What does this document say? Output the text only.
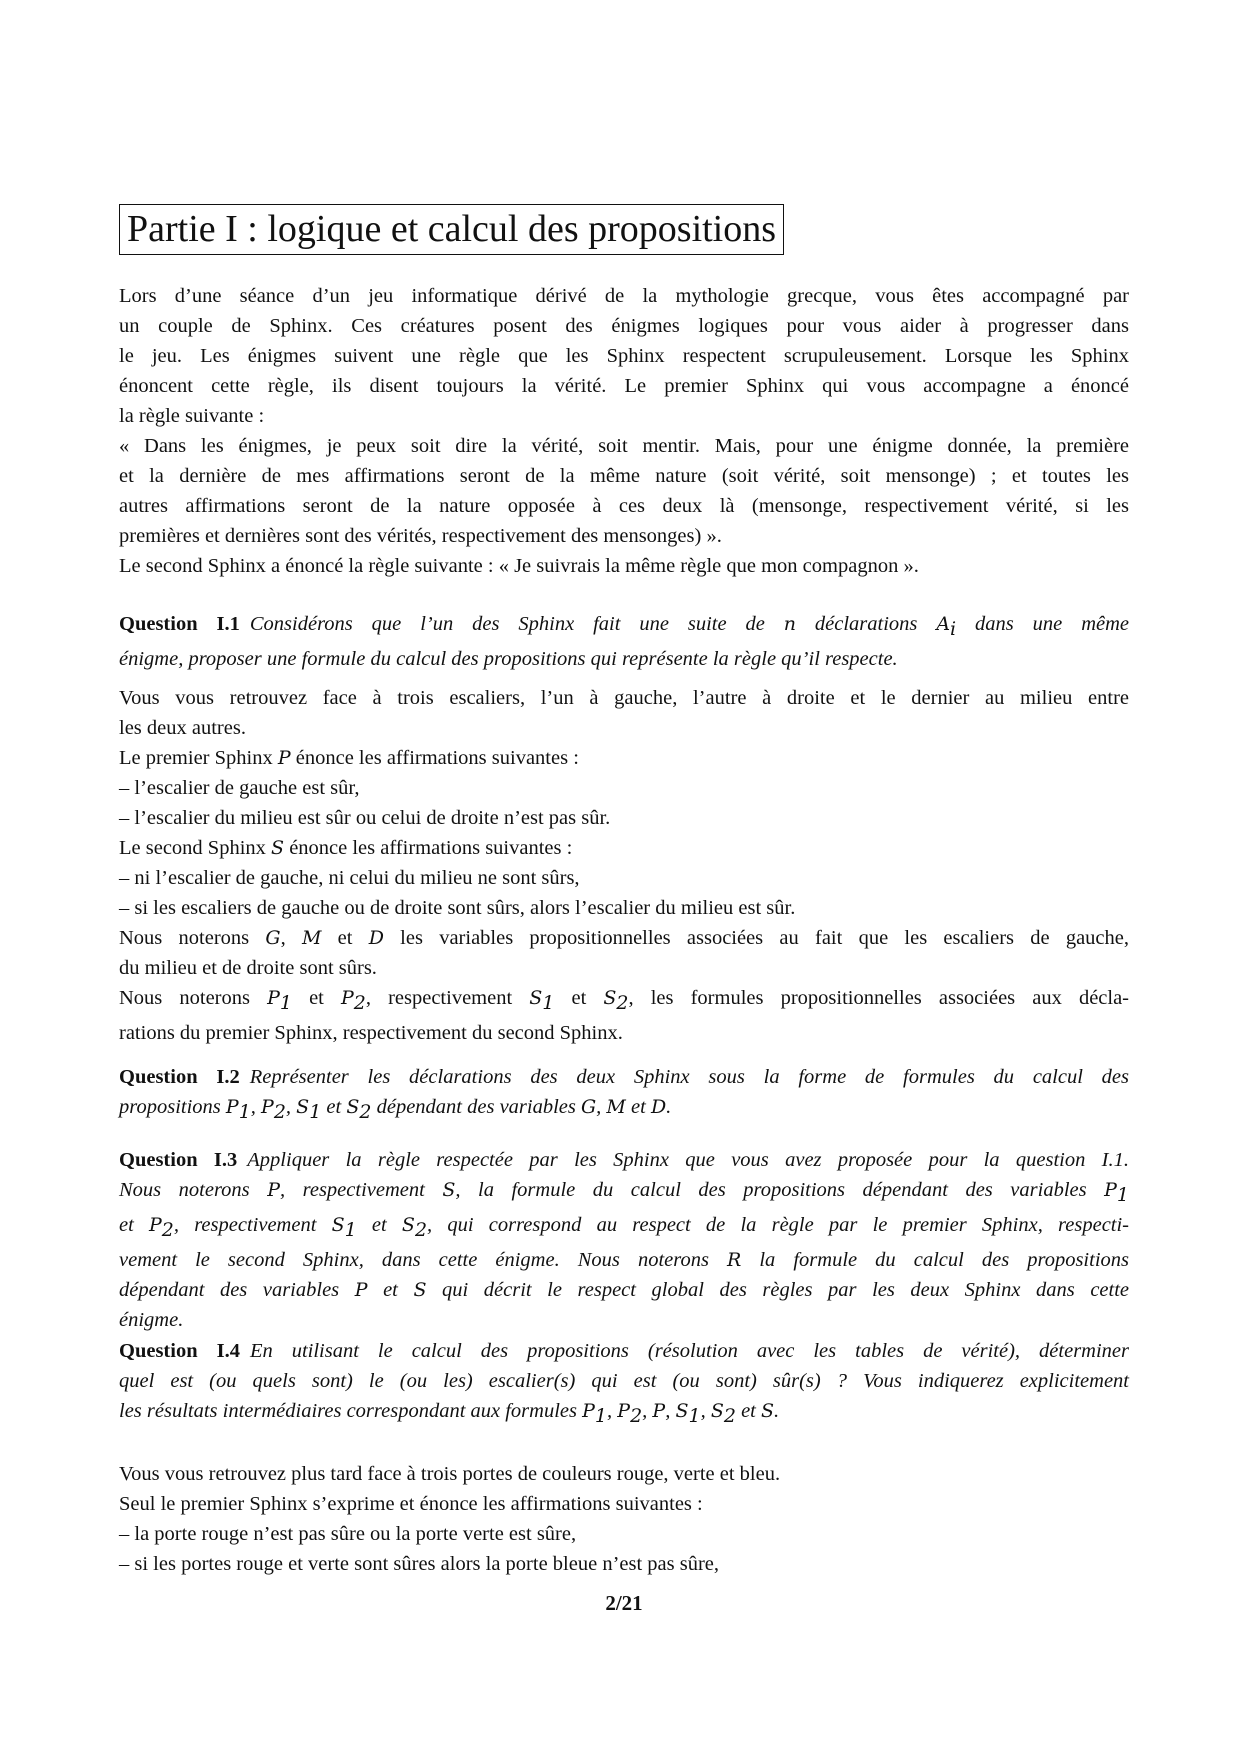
Partie I : logique et calcul des propositions
Lors d’une séance d’un jeu informatique dérivé de la mythologie grecque, vous êtes accompagné par
un couple de Sphinx. Ces créatures posent des énigmes logiques pour vous aider à progresser dans
le jeu. Les énigmes suivent une règle que les Sphinx respectent scrupuleusement. Lorsque les Sphinx
énoncent cette règle, ils disent toujours la vérité. Le premier Sphinx qui vous accompagne a énoncé
la règle suivante :
« Dans les énigmes, je peux soit dire la vérité, soit mentir. Mais, pour une énigme donnée, la première
et la dernière de mes affirmations seront de la même nature (soit vérité, soit mensonge) ; et toutes les
autres affirmations seront de la nature opposée à ces deux là (mensonge, respectivement vérité, si les
premières et dernières sont des vérités, respectivement des mensonges) ».
Le second Sphinx a énoncé la règle suivante : « Je suivrais la même règle que mon compagnon ».
Question I.1 Considérons que l’un des Sphinx fait une suite de n déclarations $A_i$ dans une même
énigme, proposer une formule du calcul des propositions qui représente la règle qu’il respecte.
Vous vous retrouvez face à trois escaliers, l’un à gauche, l’autre à droite et le dernier au milieu entre
les deux autres.
Le premier Sphinx P énonce les affirmations suivantes :
– l’escalier de gauche est sûr,
– l’escalier du milieu est sûr ou celui de droite n’est pas sûr.
Le second Sphinx S énonce les affirmations suivantes :
– ni l’escalier de gauche, ni celui du milieu ne sont sûrs,
– si les escaliers de gauche ou de droite sont sûrs, alors l’escalier du milieu est sûr.
Nous noterons G, M et D les variables propositionnelles associées au fait que les escaliers de gauche,
du milieu et de droite sont sûrs.
Nous noterons $P_1$ et $P_2$, respectivement $S_1$ et $S_2$, les formules propositionnelles associées aux décla-
rations du premier Sphinx, respectivement du second Sphinx.
Question I.2 Représenter les déclarations des deux Sphinx sous la forme de formules du calcul des
propositions $P_1$, $P_2$, $S_1$ et $S_2$ dépendant des variables G, M et D.
Question I.3 Appliquer la règle respectée par les Sphinx que vous avez proposée pour la question I.1.
Nous noterons P, respectivement S, la formule du calcul des propositions dépendant des variables $P_1$
et $P_2$, respectivement $S_1$ et $S_2$, qui correspond au respect de la règle par le premier Sphinx, respecti-
vement le second Sphinx, dans cette énigme. Nous noterons R la formule du calcul des propositions
dépendant des variables P et S qui décrit le respect global des règles par les deux Sphinx dans cette
énigme.
Question I.4 En utilisant le calcul des propositions (résolution avec les tables de vérité), déterminer
quel est (ou quels sont) le (ou les) escalier(s) qui est (ou sont) sûr(s) ? Vous indiquerez explicitement
les résultats intermédiaires correspondant aux formules $P_1$, $P_2$, P, $S_1$, $S_2$ et S.
Vous vous retrouvez plus tard face à trois portes de couleurs rouge, verte et bleu.
Seul le premier Sphinx s’exprime et énonce les affirmations suivantes :
– la porte rouge n’est pas sûre ou la porte verte est sûre,
– si les portes rouge et verte sont sûres alors la porte bleue n’est pas sûre,
2/21
